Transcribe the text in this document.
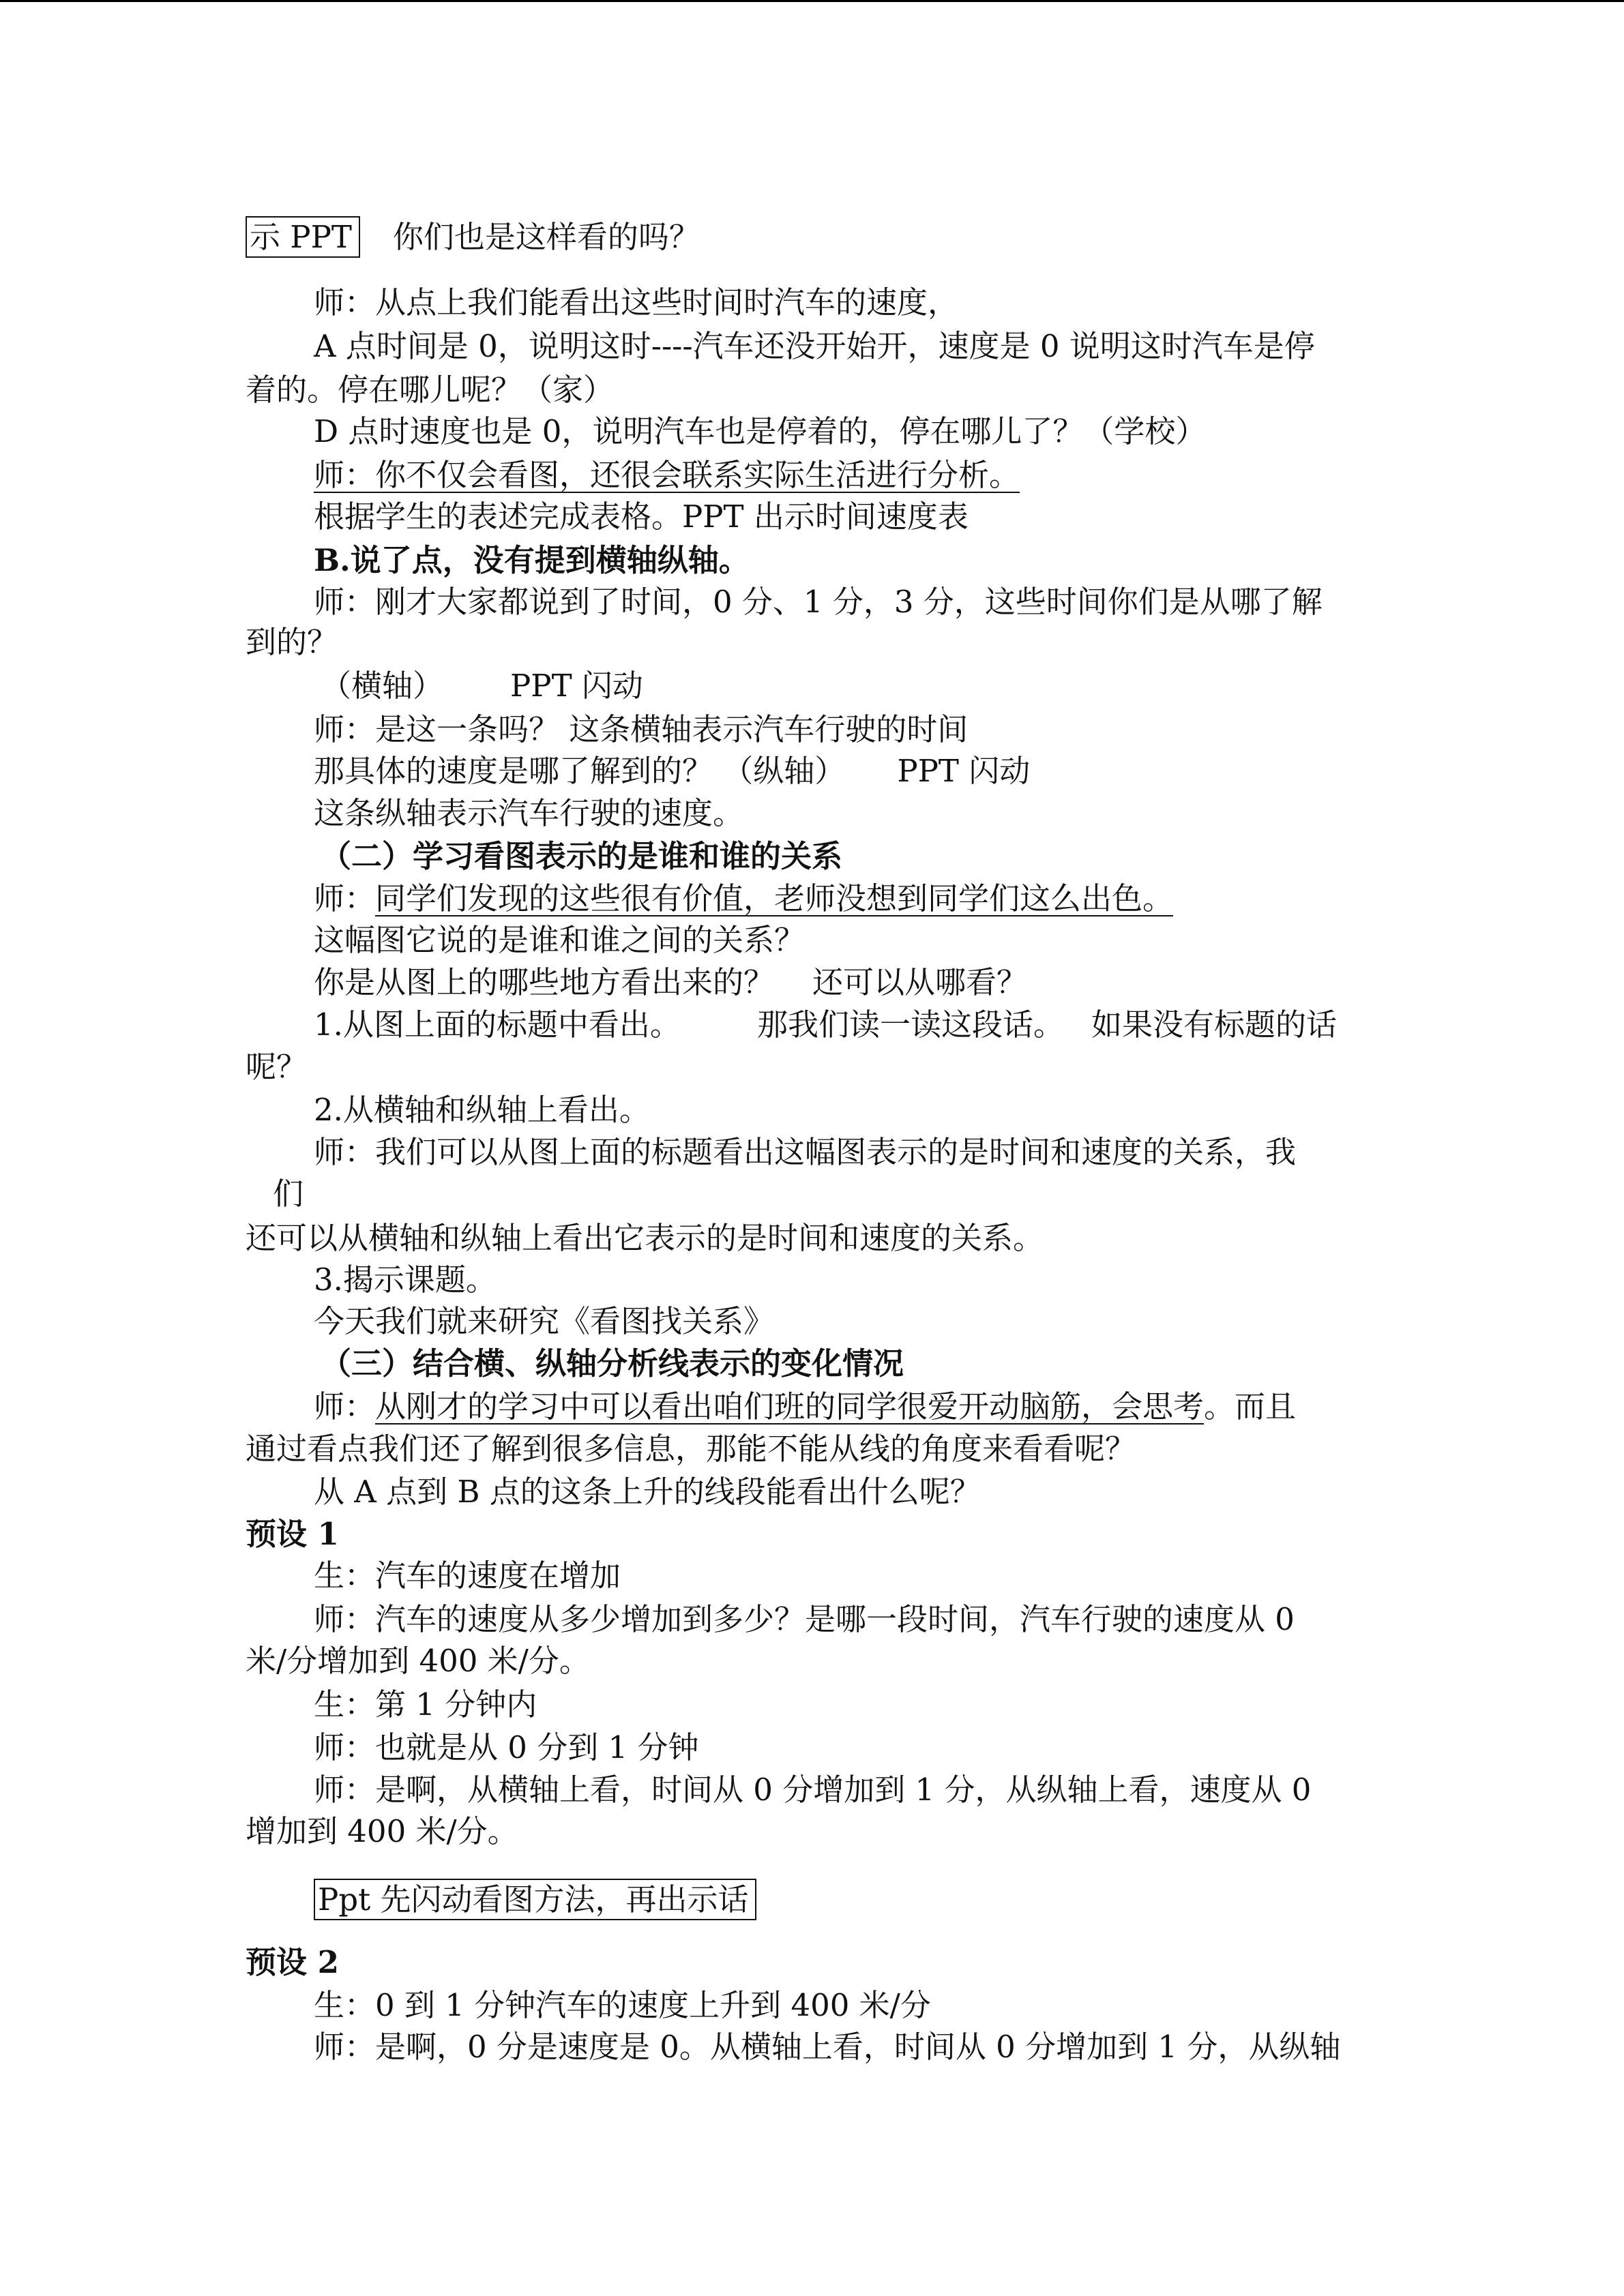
示 PPT 你们也是这样看的吗？
师：从点上我们能看出这些时间时汽车的速度，
A 点时间是 0，说明这时----汽车还没开始开，速度是 0 说明这时汽车是停
着的。停在哪儿呢？（家）
D 点时速度也是 0，说明汽车也是停着的，停在哪儿了？（学校）
师：你不仅会看图，还很会联系实际生活进行分析。
根据学生的表述完成表格。PPT 出示时间速度表
B.说了点，没有提到横轴纵轴。
师：刚才大家都说到了时间，0 分、1 分，3 分，这些时间你们是从哪了解
到的？
（横轴） PPT 闪动
师：是这一条吗？ 这条横轴表示汽车行驶的时间
那具体的速度是哪了解到的？ （纵轴） PPT 闪动
这条纵轴表示汽车行驶的速度。
（二）学习看图表示的是谁和谁的关系
师：同学们发现的这些很有价值，老师没想到同学们这么出色。
这幅图它说的是谁和谁之间的关系？
你是从图上的哪些地方看出来的？ 还可以从哪看？
1.从图上面的标题中看出。 那我们读一读这段话。 如果没有标题的话
呢？
2.从横轴和纵轴上看出。
师：我们可以从图上面的标题看出这幅图表示的是时间和速度的关系，我
们
还可以从横轴和纵轴上看出它表示的是时间和速度的关系。
3.揭示课题。
今天我们就来研究《看图找关系》
（三）结合横、纵轴分析线表示的变化情况
师：从刚才的学习中可以看出咱们班的同学很爱开动脑筋，会思考。而且
通过看点我们还了解到很多信息，那能不能从线的角度来看看呢？
从 A 点到 B 点的这条上升的线段能看出什么呢？
预设 1
生：汽车的速度在增加
师：汽车的速度从多少增加到多少？是哪一段时间，汽车行驶的速度从 0
米/分增加到 400 米/分。
生：第 1 分钟内
师：也就是从 0 分到 1 分钟
师：是啊，从横轴上看，时间从 0 分增加到 1 分，从纵轴上看，速度从 0
增加到 400 米/分。
Ppt 先闪动看图方法，再出示话
预设 2
生：0 到 1 分钟汽车的速度上升到 400 米/分
师：是啊，0 分是速度是 0。从横轴上看，时间从 0 分增加到 1 分，从纵轴
